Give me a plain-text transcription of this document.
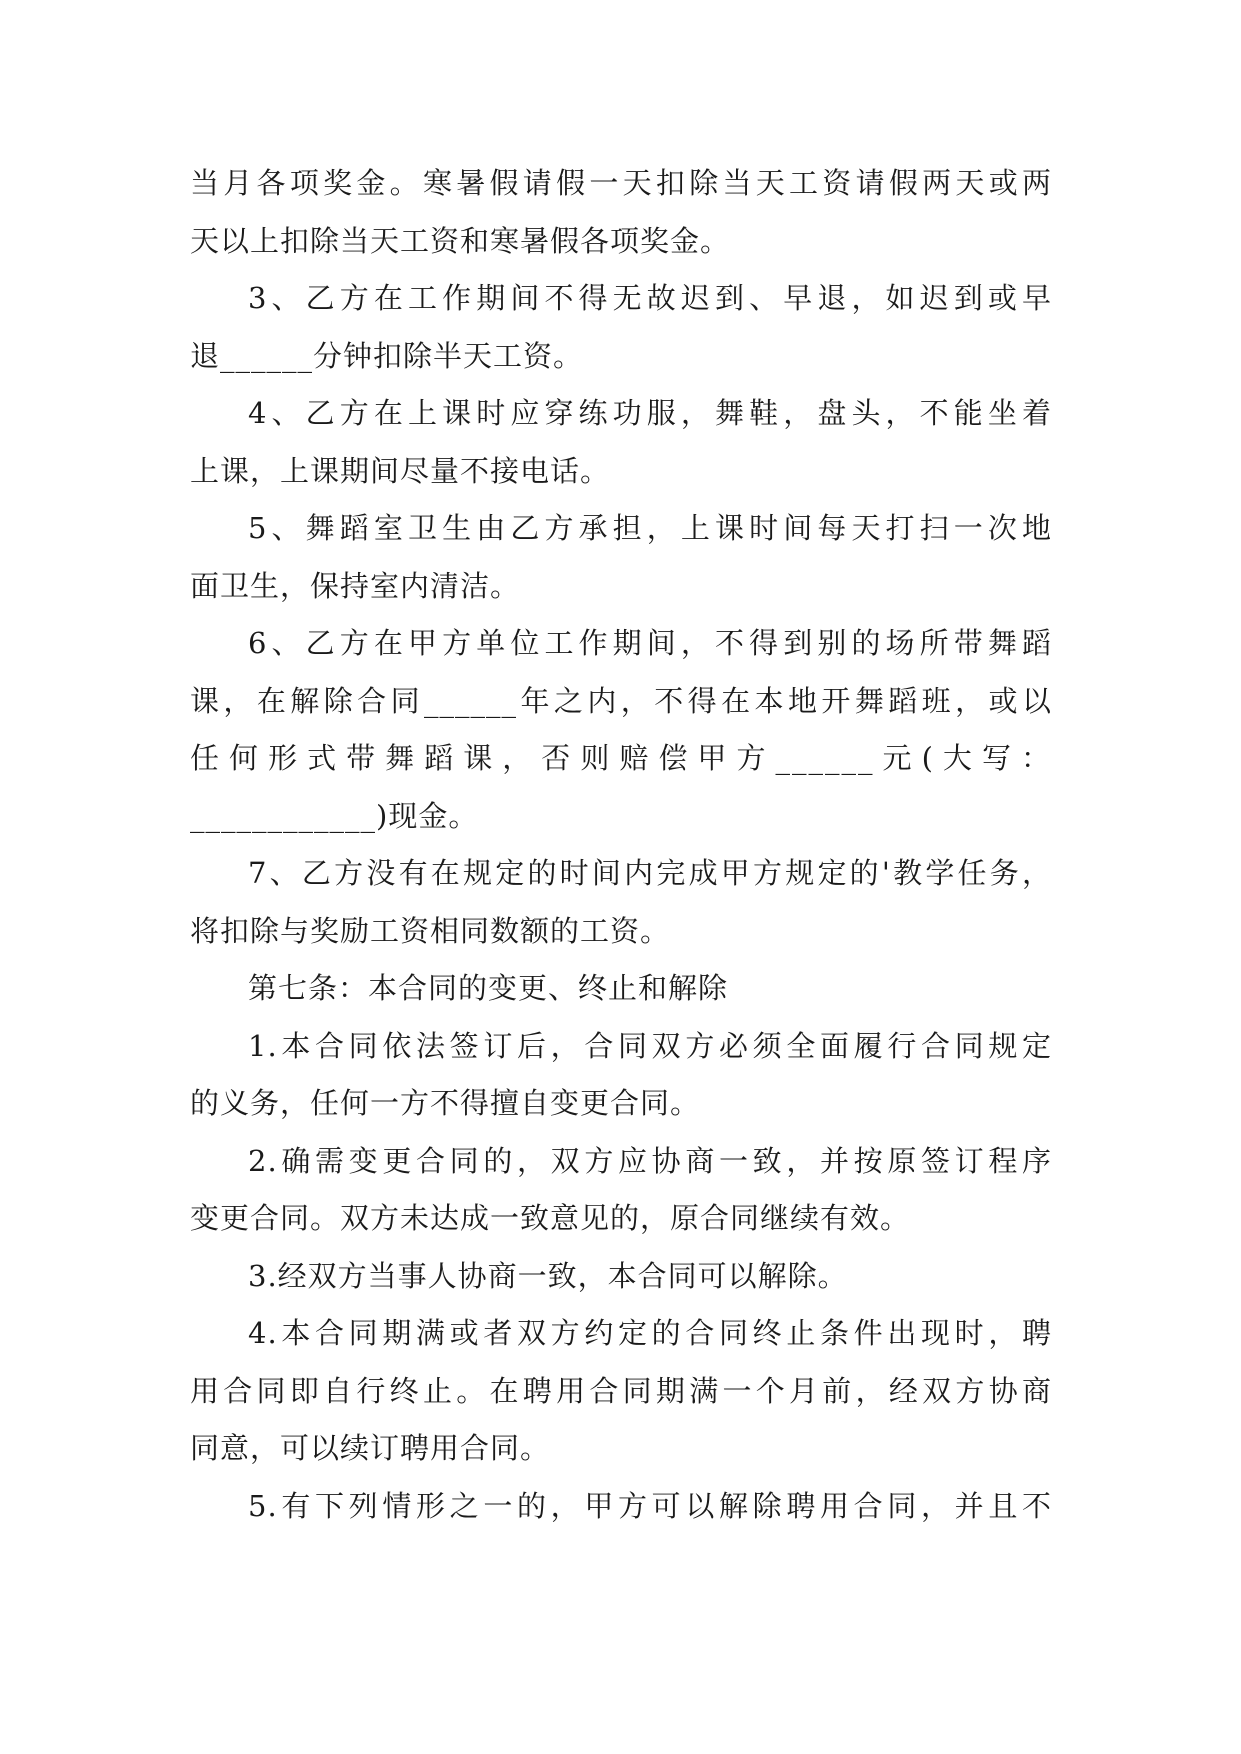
当月各项奖金。寒暑假请假一天扣除当天工资请假两天或两
天以上扣除当天工资和寒暑假各项奖金。
3、乙方在工作期间不得无故迟到、早退，如迟到或早
退______分钟扣除半天工资。
4、乙方在上课时应穿练功服，舞鞋，盘头，不能坐着
上课，上课期间尽量不接电话。
5、舞蹈室卫生由乙方承担，上课时间每天打扫一次地
面卫生，保持室内清洁。
6、乙方在甲方单位工作期间，不得到别的场所带舞蹈
课，在解除合同______年之内，不得在本地开舞蹈班，或以
任何形式带舞蹈课，否则赔偿甲方______元(大写：
____________)现金。
7、乙方没有在规定的时间内完成甲方规定的'教学任务，
将扣除与奖励工资相同数额的工资。
第七条：本合同的变更、终止和解除
1.本合同依法签订后，合同双方必须全面履行合同规定
的义务，任何一方不得擅自变更合同。
2.确需变更合同的，双方应协商一致，并按原签订程序
变更合同。双方未达成一致意见的，原合同继续有效。
3.经双方当事人协商一致，本合同可以解除。
4.本合同期满或者双方约定的合同终止条件出现时，聘
用合同即自行终止。在聘用合同期满一个月前，经双方协商
同意，可以续订聘用合同。
5.有下列情形之一的，甲方可以解除聘用合同，并且不
